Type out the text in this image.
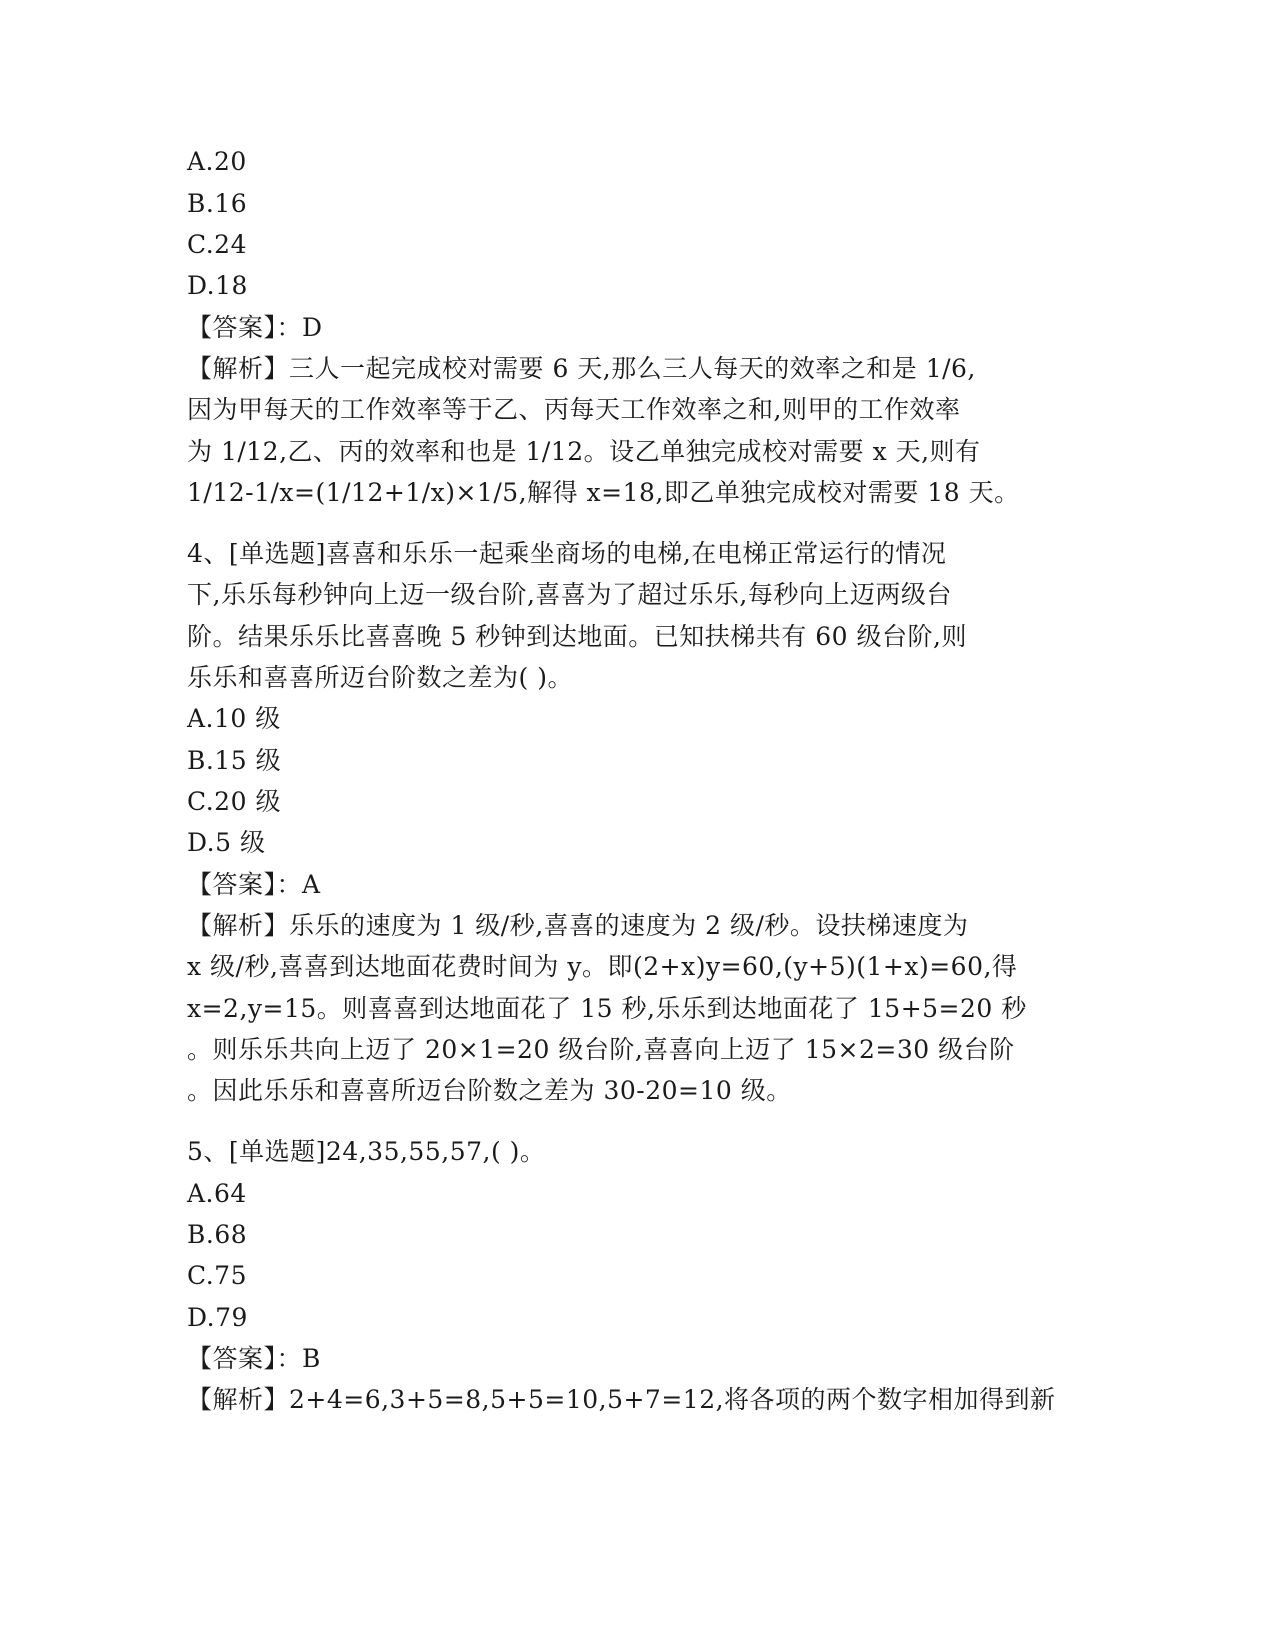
A.20

B.16

C.24

D.18

【答案】：D

【解析】三人一起完成校对需要 6 天,那么三人每天的效率之和是 1/6,

因为甲每天的工作效率等于乙、丙每天工作效率之和,则甲的工作效率

为 1/12,乙、丙的效率和也是 1/12。设乙单独完成校对需要 x 天,则有

1/12-1/x=(1/12+1/x)×1/5,解得 x=18,即乙单独完成校对需要 18 天。

4、[单选题]喜喜和乐乐一起乘坐商场的电梯,在电梯正常运行的情况

下,乐乐每秒钟向上迈一级台阶,喜喜为了超过乐乐,每秒向上迈两级台

阶。结果乐乐比喜喜晚 5 秒钟到达地面。已知扶梯共有 60 级台阶,则

乐乐和喜喜所迈台阶数之差为( )。

A.10 级

B.15 级

C.20 级

D.5 级

【答案】：A

【解析】乐乐的速度为 1 级/秒,喜喜的速度为 2 级/秒。设扶梯速度为

x 级/秒,喜喜到达地面花费时间为 y。即(2+x)y=60,(y+5)(1+x)=60,得

x=2,y=15。则喜喜到达地面花了 15 秒,乐乐到达地面花了 15+5=20 秒

。则乐乐共向上迈了 20×1=20 级台阶,喜喜向上迈了 15×2=30 级台阶

。因此乐乐和喜喜所迈台阶数之差为 30-20=10 级。

5、[单选题]24,35,55,57,( )。

A.64

B.68

C.75

D.79

【答案】：B

【解析】2+4=6,3+5=8,5+5=10,5+7=12,将各项的两个数字相加得到新
